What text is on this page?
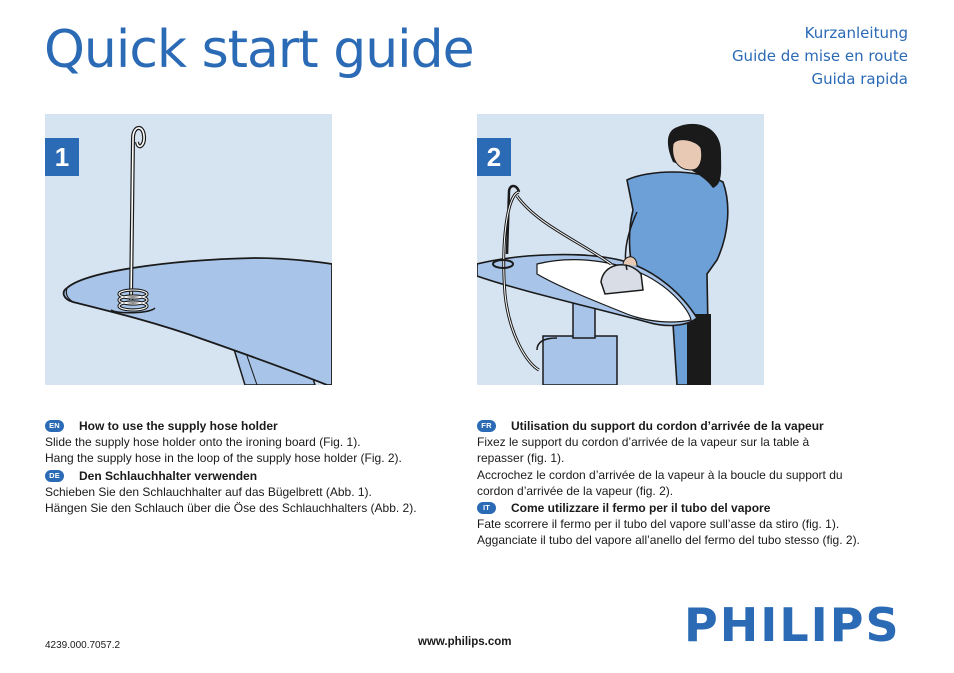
Quick start guide	Kurzanleitung
Guide de mise en route
Guida rapida
1	2
EN	How to use the supply hose holder

Slide the supply hose holder onto the ironing board (Fig. 1).

Hang the supply hose in the loop of the supply hose holder (Fig. 2).

DE	Den Schlauchhalter verwenden

Schieben Sie den Schlauchhalter auf das Bügelbrett (Abb. 1).

Hängen Sie den Schlauch über die Öse des Schlauchhalters (Abb. 2).

FR	Utilisation du support du cordon d’arrivée de la vapeur

Fixez le support du cordon d’arrivée de la vapeur sur la table à

repasser (fig. 1).

Accrochez le cordon d’arrivée de la vapeur à la boucle du support du

cordon d’arrivée de la vapeur (fig. 2).

IT	Come utilizzare il fermo per il tubo del vapore

Fate scorrere il fermo per il tubo del vapore sull’asse da stiro (fig. 1).

Agganciate il tubo del vapore all’anello del fermo del tubo stesso (fig. 2).

4239.000.7057.2	www.philips.com	PHILIPS
